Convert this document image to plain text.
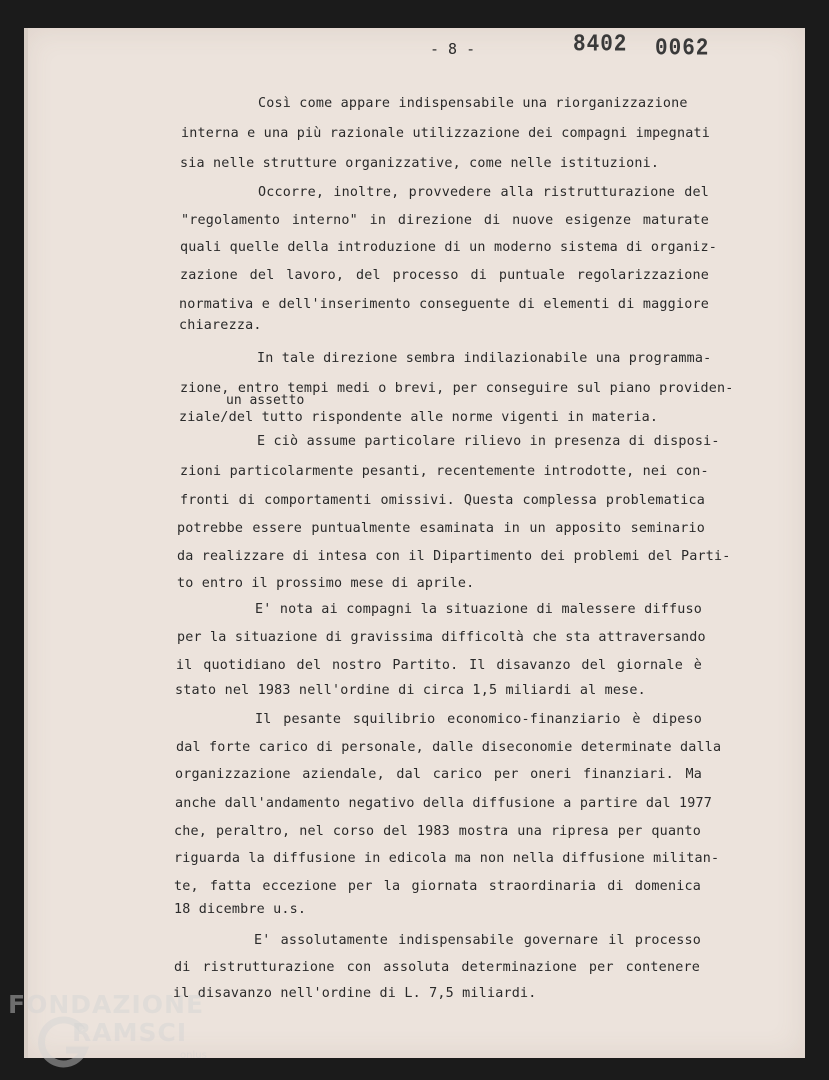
- 8 -	8402 0062
Così come appare indispensabile una riorganizzazione
interna e una più razionale utilizzazione dei compagni impegnati
sia nelle strutture organizzative, come nelle istituzioni.
Occorre, inoltre, provvedere alla ristrutturazione del
"regolamento interno" in direzione di nuove esigenze maturate
quali quelle della introduzione di un moderno sistema di organiz-
zazione del lavoro, del processo di puntuale regolarizzazione
normativa e dell'inserimento conseguente di elementi di maggiore
chiarezza.
In tale direzione sembra indilazionabile una programma-
zione, entro tempi medi o brevi, per conseguire sul piano providen-
ziale/del tutto rispondente alle norme vigenti in materia.
E ciò assume particolare rilievo in presenza di disposi-
zioni particolarmente pesanti, recentemente introdotte, nei con-
fronti di comportamenti omissivi. Questa complessa problematica
potrebbe essere puntualmente esaminata in un apposito seminario
da realizzare di intesa con il Dipartimento dei problemi del Parti-
to entro il prossimo mese di aprile.
E' nota ai compagni la situazione di malessere diffuso
per la situazione di gravissima difficoltà che sta attraversando
il quotidiano del nostro Partito. Il disavanzo del giornale è
stato nel 1983 nell'ordine di circa 1,5 miliardi al mese.
Il pesante squilibrio economico-finanziario è dipeso
dal forte carico di personale, dalle diseconomie determinate dalla
organizzazione aziendale, dal carico per oneri finanziari. Ma
anche dall'andamento negativo della diffusione a partire dal 1977
che, peraltro, nel corso del 1983 mostra una ripresa per quanto
riguarda la diffusione in edicola ma non nella diffusione militan-
te, fatta eccezione per la giornata straordinaria di domenica
18 dicembre u.s.
E' assolutamente indispensabile governare il processo
di ristrutturazione con assoluta determinazione per contenere
il disavanzo nell'ordine di L. 7,5 miliardi.
un assetto
FONDAZIONE
RAMSCI
onlus
